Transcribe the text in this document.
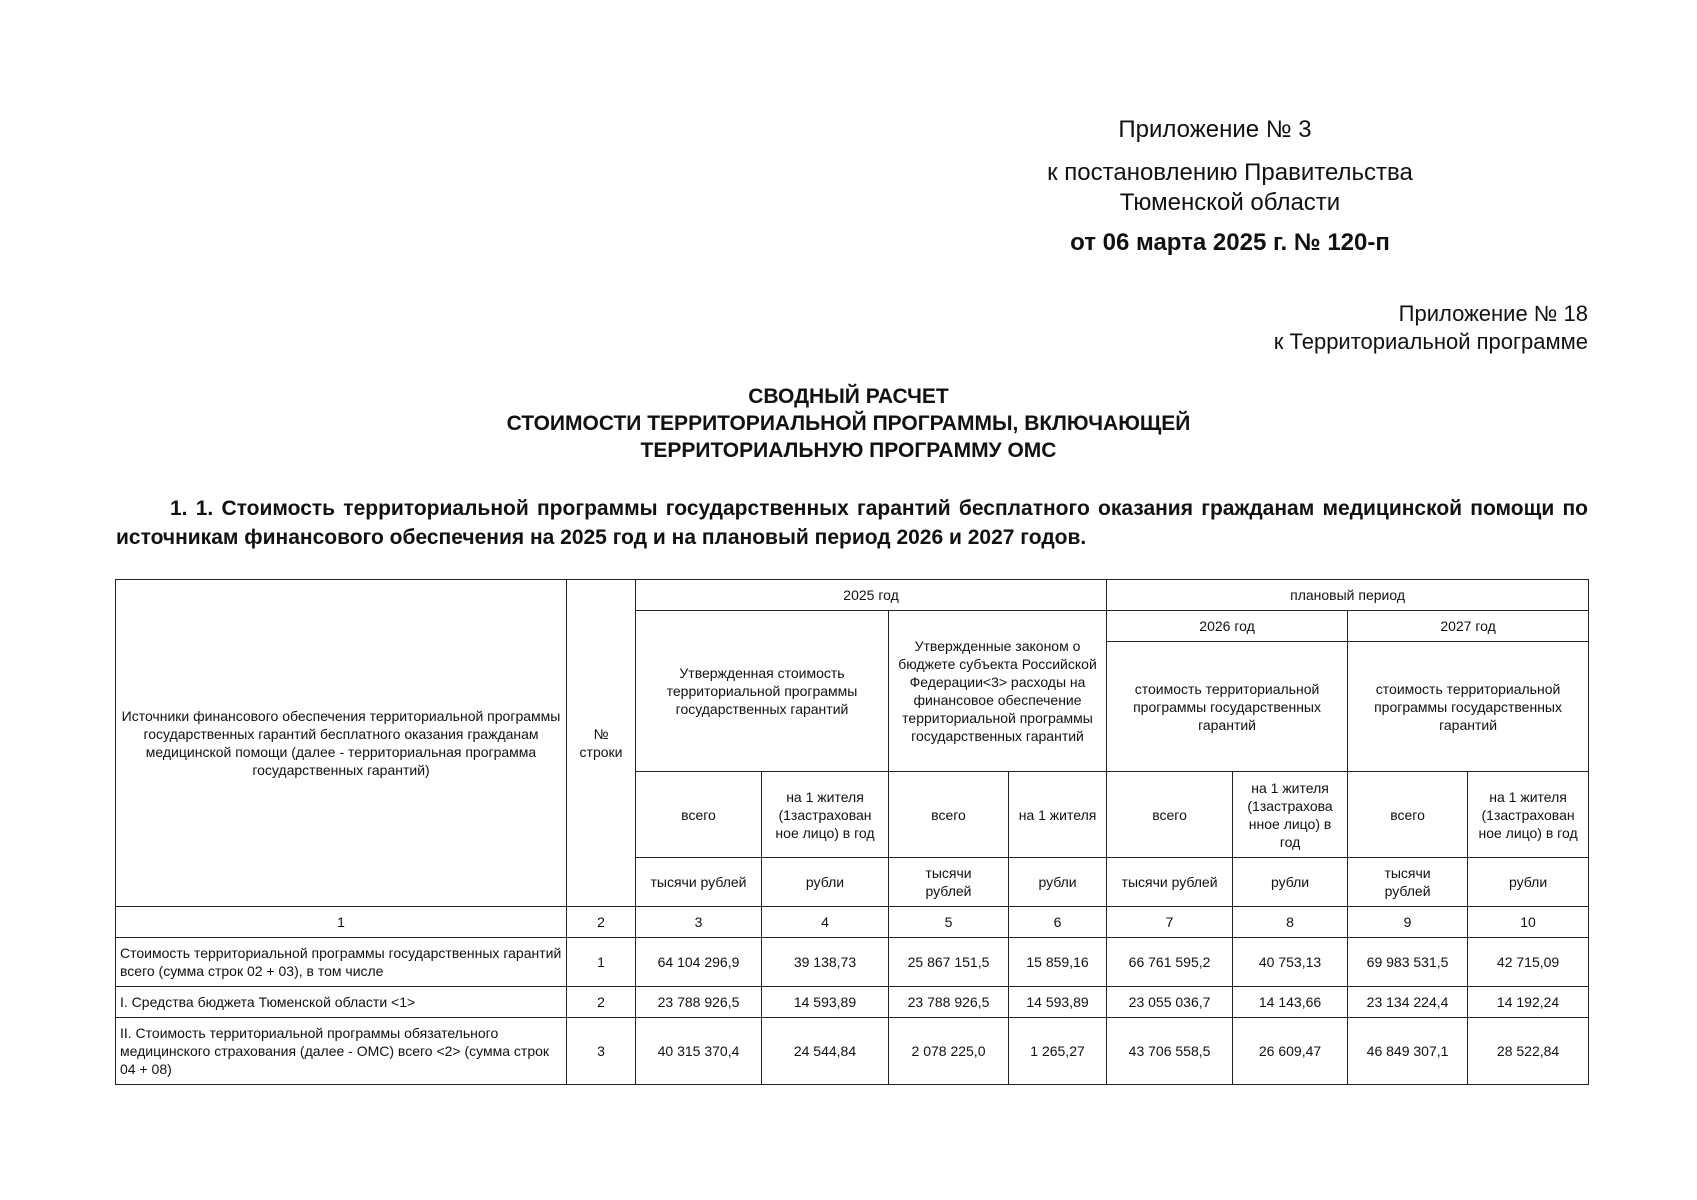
Приложение № 3
к постановлению Правительства
Тюменской области
от 06 марта 2025 г. № 120-п
Приложение № 18
к Территориальной программе
СВОДНЫЙ РАСЧЕТ
СТОИМОСТИ ТЕРРИТОРИАЛЬНОЙ ПРОГРАММЫ, ВКЛЮЧАЮЩЕЙ
ТЕРРИТОРИАЛЬНУЮ ПРОГРАММУ ОМС
1. 1. Стоимость территориальной программы государственных гарантий бесплатного оказания гражданам медицинской помощи по источникам финансового обеспечения на 2025 год и на плановый период 2026 и 2027 годов.
Источники финансового обеспечения территориальной программы государственных гарантий бесплатного оказания гражданам медицинской помощи (далее - территориальная программа государственных гарантий)	№ строки	2025 год				плановый период			
		Утвержденная стоимость территориальной программы государственных гарантий		Утвержденные законом о бюджете субъекта Российской Федерации<3> расходы на финансовое обеспечение территориальной программы государственных гарантий		2026 год		2027 год	
						стоимость территориальной программы государственных гарантий		стоимость территориальной программы государственных гарантий	
		всего	на 1 жителя (1застрахован ное лицо) в год	всего	на 1 жителя	всего	на 1 жителя (1застрахова нное лицо) в год	всего	на 1 жителя (1застрахован ное лицо) в год
		тысячи рублей	рубли	тысячи рублей	рубли	тысячи рублей	рубли	тысячи рублей	рубли
1	2	3	4	5	6	7	8	9	10
Стоимость территориальной программы государственных гарантий всего (сумма строк 02 + 03), в том числе	1	64 104 296,9	39 138,73	25 867 151,5	15 859,16	66 761 595,2	40 753,13	69 983 531,5	42 715,09
I. Средства бюджета Тюменской области <1>	2	23 788 926,5	14 593,89	23 788 926,5	14 593,89	23 055 036,7	14 143,66	23 134 224,4	14 192,24
II. Стоимость территориальной программы обязательного медицинского страхования (далее - ОМС) всего <2> (сумма строк 04 + 08)	3	40 315 370,4	24 544,84	2 078 225,0	1 265,27	43 706 558,5	26 609,47	46 849 307,1	28 522,84
